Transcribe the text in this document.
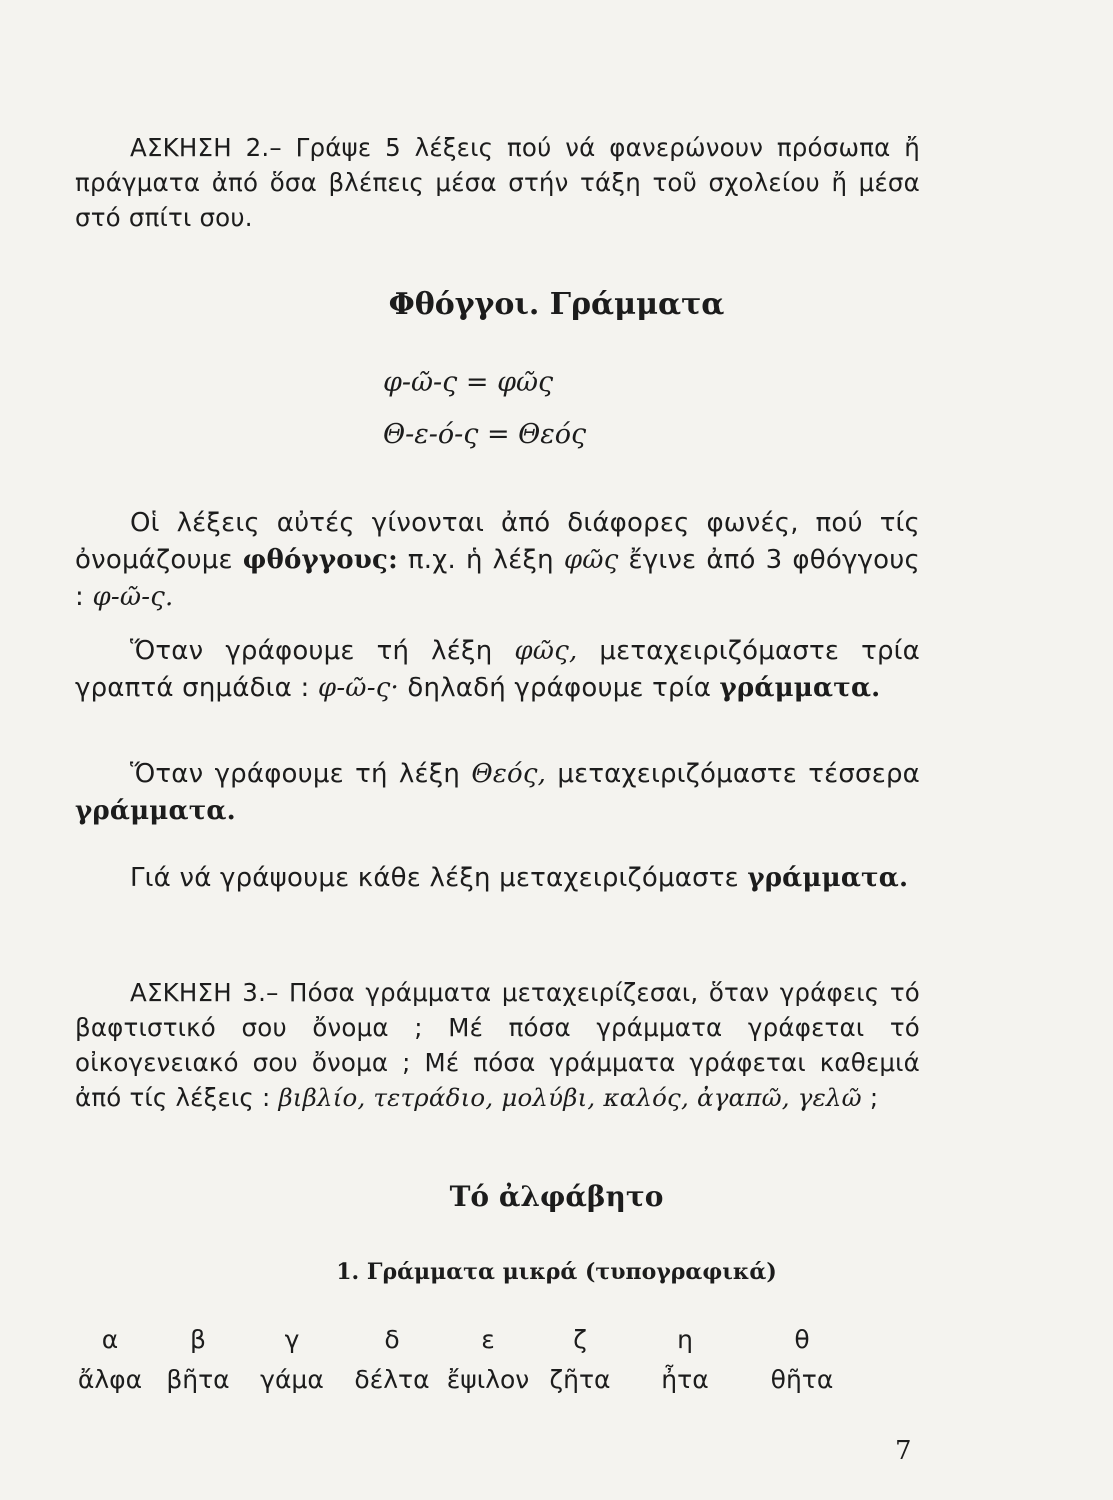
ΑΣΚΗΣΗ 2.– Γράψε 5 λέξεις πού νά φανερώνουν πρόσωπα ἤ πράγματα ἀπό ὅσα βλέπεις μέσα στήν τάξη τοῦ σχολείου ἤ μέσα στό σπίτι σου.

Φθόγγοι. Γράμματα
φ-ῶ-ς = φῶς
Θ-ε-ό-ς = Θεός

Οἱ λέξεις αὐτές γίνονται ἀπό διάφορες φωνές, πού τίς ὀνομάζουμε φθόγγους: π.χ. ἡ λέξη φῶς ἔγινε ἀπό 3 φθόγγους : φ-ῶ-ς.

Ὅταν γράφουμε τή λέξη φῶς, μεταχειριζόμαστε τρία γραπτά σημάδια : φ-ῶ-ς· δηλαδή γράφουμε τρία γράμματα.

Ὅταν γράφουμε τή λέξη Θεός, μεταχειριζόμαστε τέσσερα γράμματα.

Γιά νά γράψουμε κάθε λέξη μεταχειριζόμαστε γράμματα.

ΑΣΚΗΣΗ 3.– Πόσα γράμματα μεταχειρίζεσαι, ὅταν γράφεις τό βαφτιστικό σου ὄνομα ; Μέ πόσα γράμματα γράφεται τό οἰκογενειακό σου ὄνομα ; Μέ πόσα γράμματα γράφεται καθεμιά ἀπό τίς λέξεις : βιβλίο, τετράδιο, μολύβι, καλός, ἀγαπῶ, γελῶ ;

Τό ἀλφάβητο
1. Γράμματα μικρά (τυπογραφικά)
α
ἄλφα
β
βῆτα
γ
γάμα
δ
δέλτα
ε
ἔψιλον
ζ
ζῆτα
η
ἦτα
θ
θῆτα
7
